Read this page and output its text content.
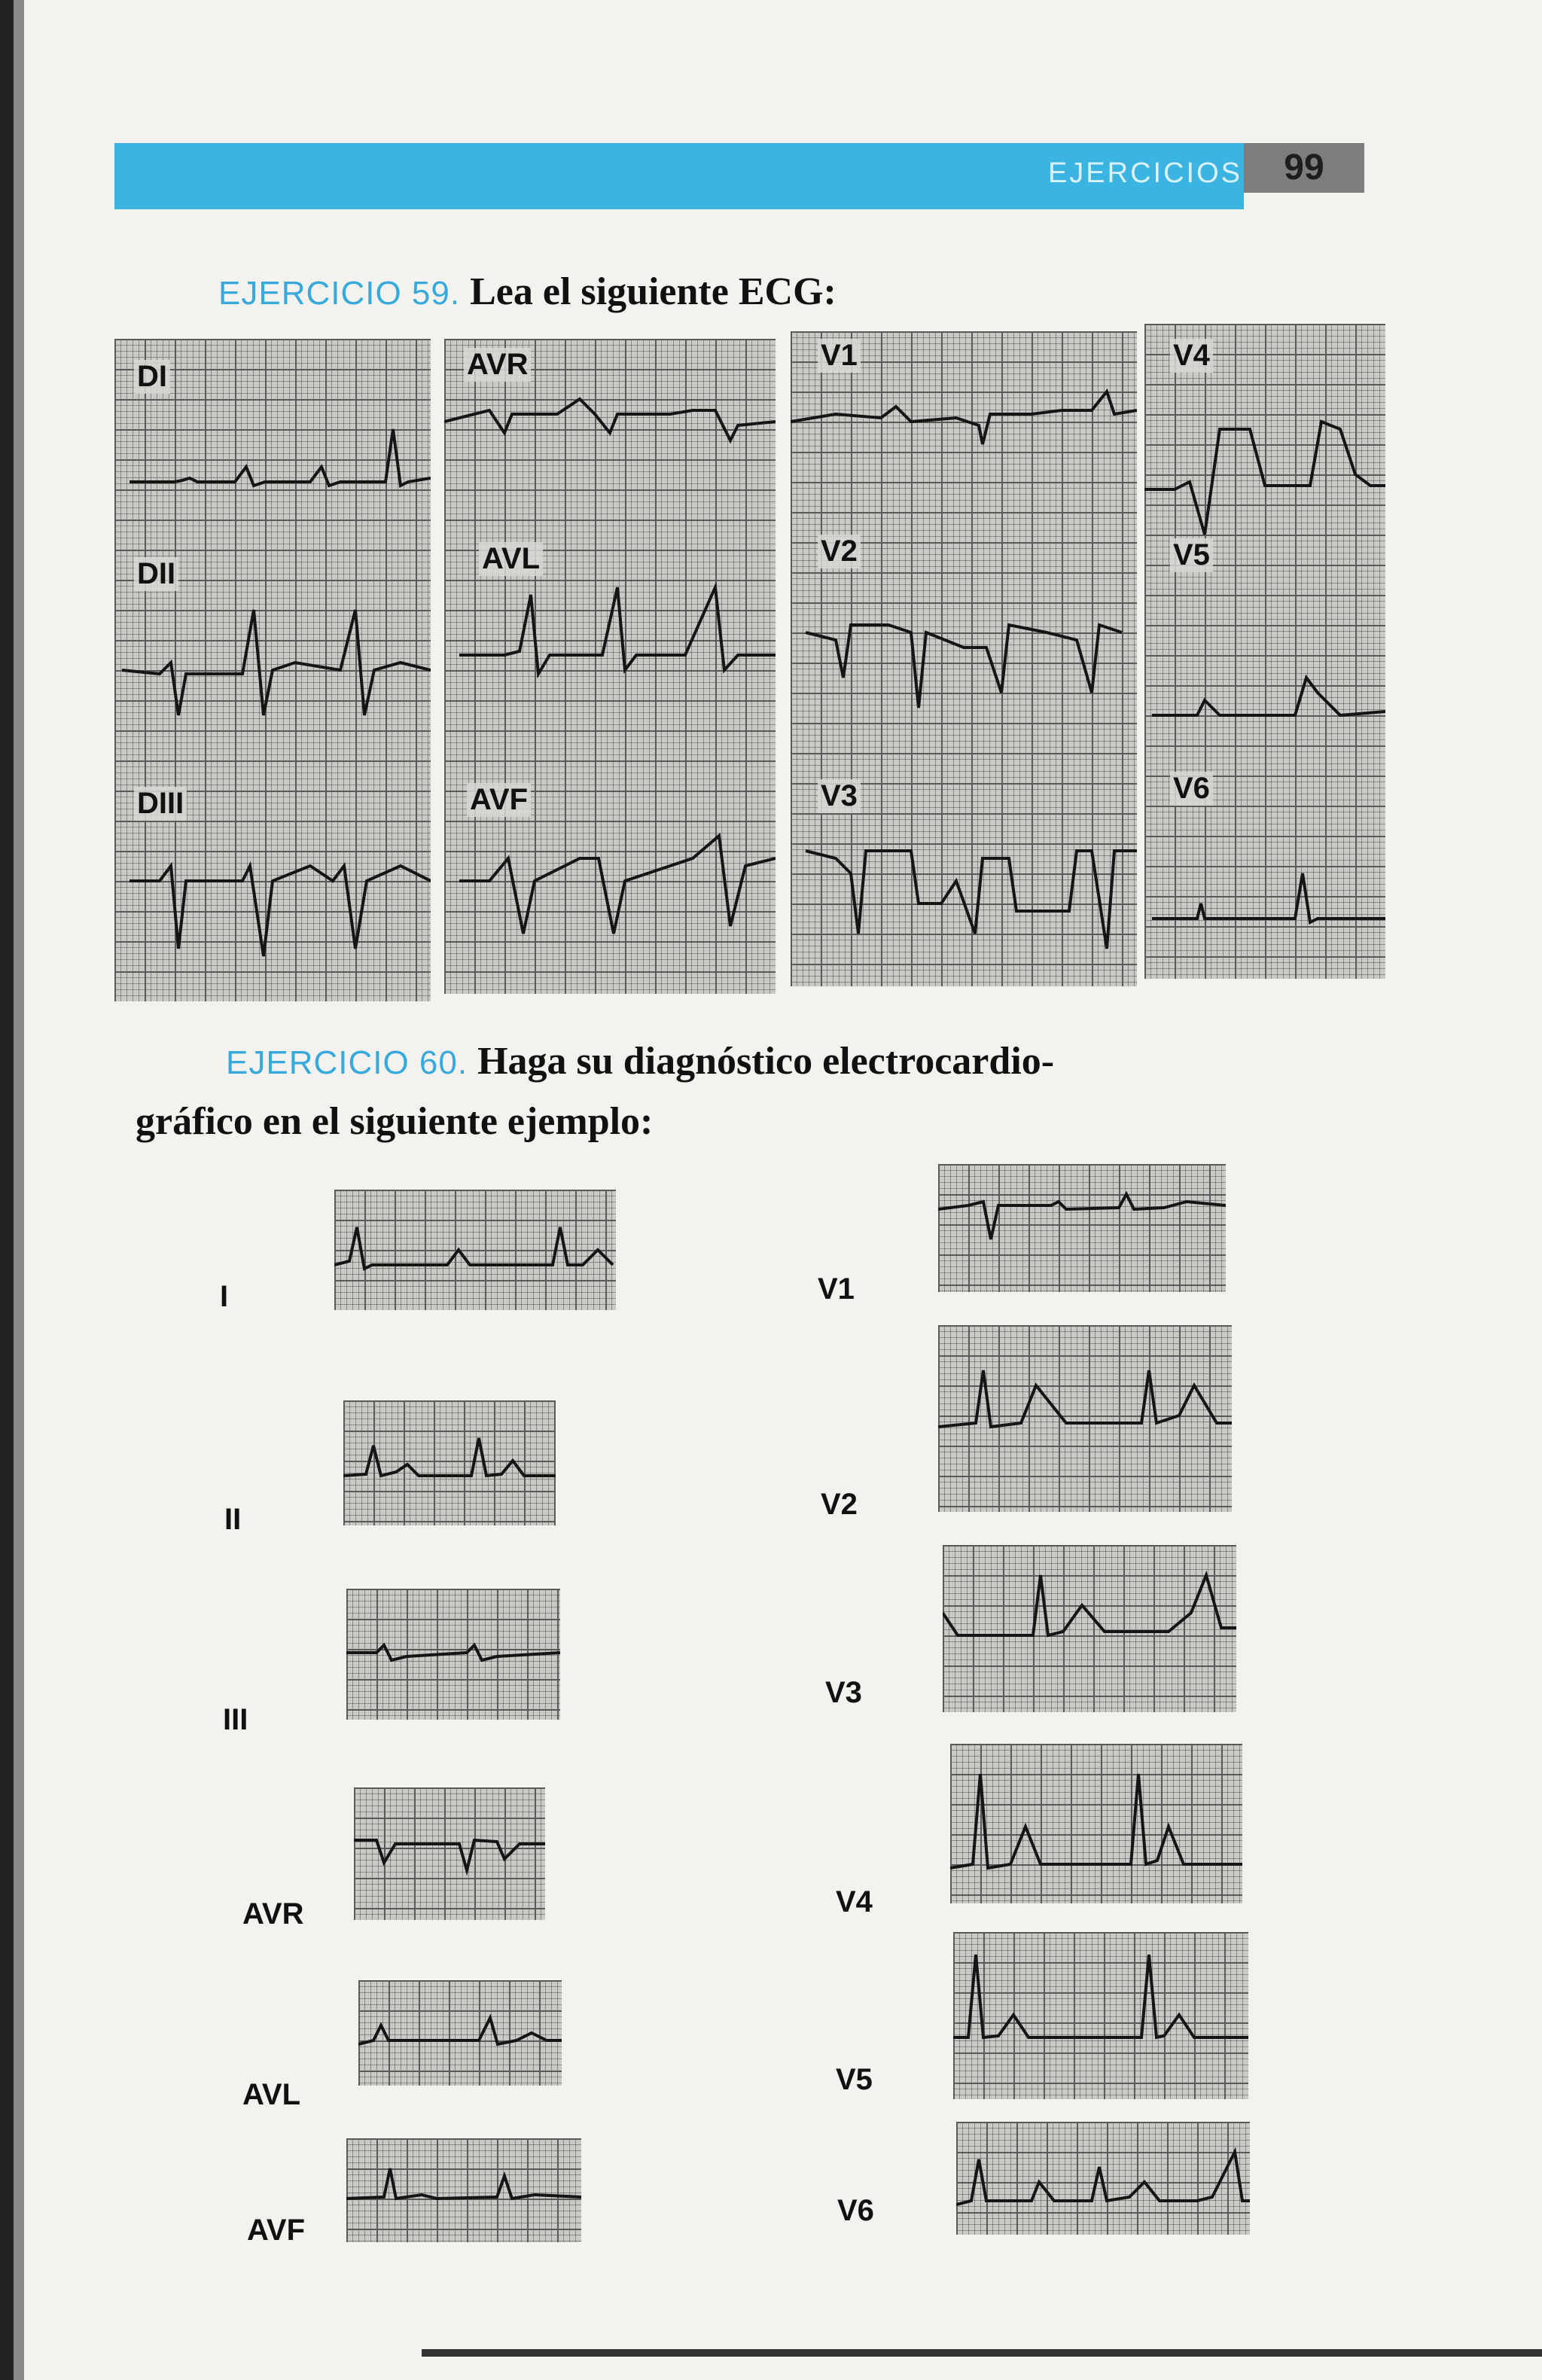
EJERCICIOS	99
EJERCICIO 59. Lea el siguiente ECG:
DI
DII
DIII
AVR
AVL
AVF
V1
V2
V3
V4
V5
V6
EJERCICIO 60. Haga su diagnóstico electrocardio-
gráfico en el siguiente ejemplo:
I
II
III
AVR
AVL
AVF
V1
V2
V3
V4
V5
V6
